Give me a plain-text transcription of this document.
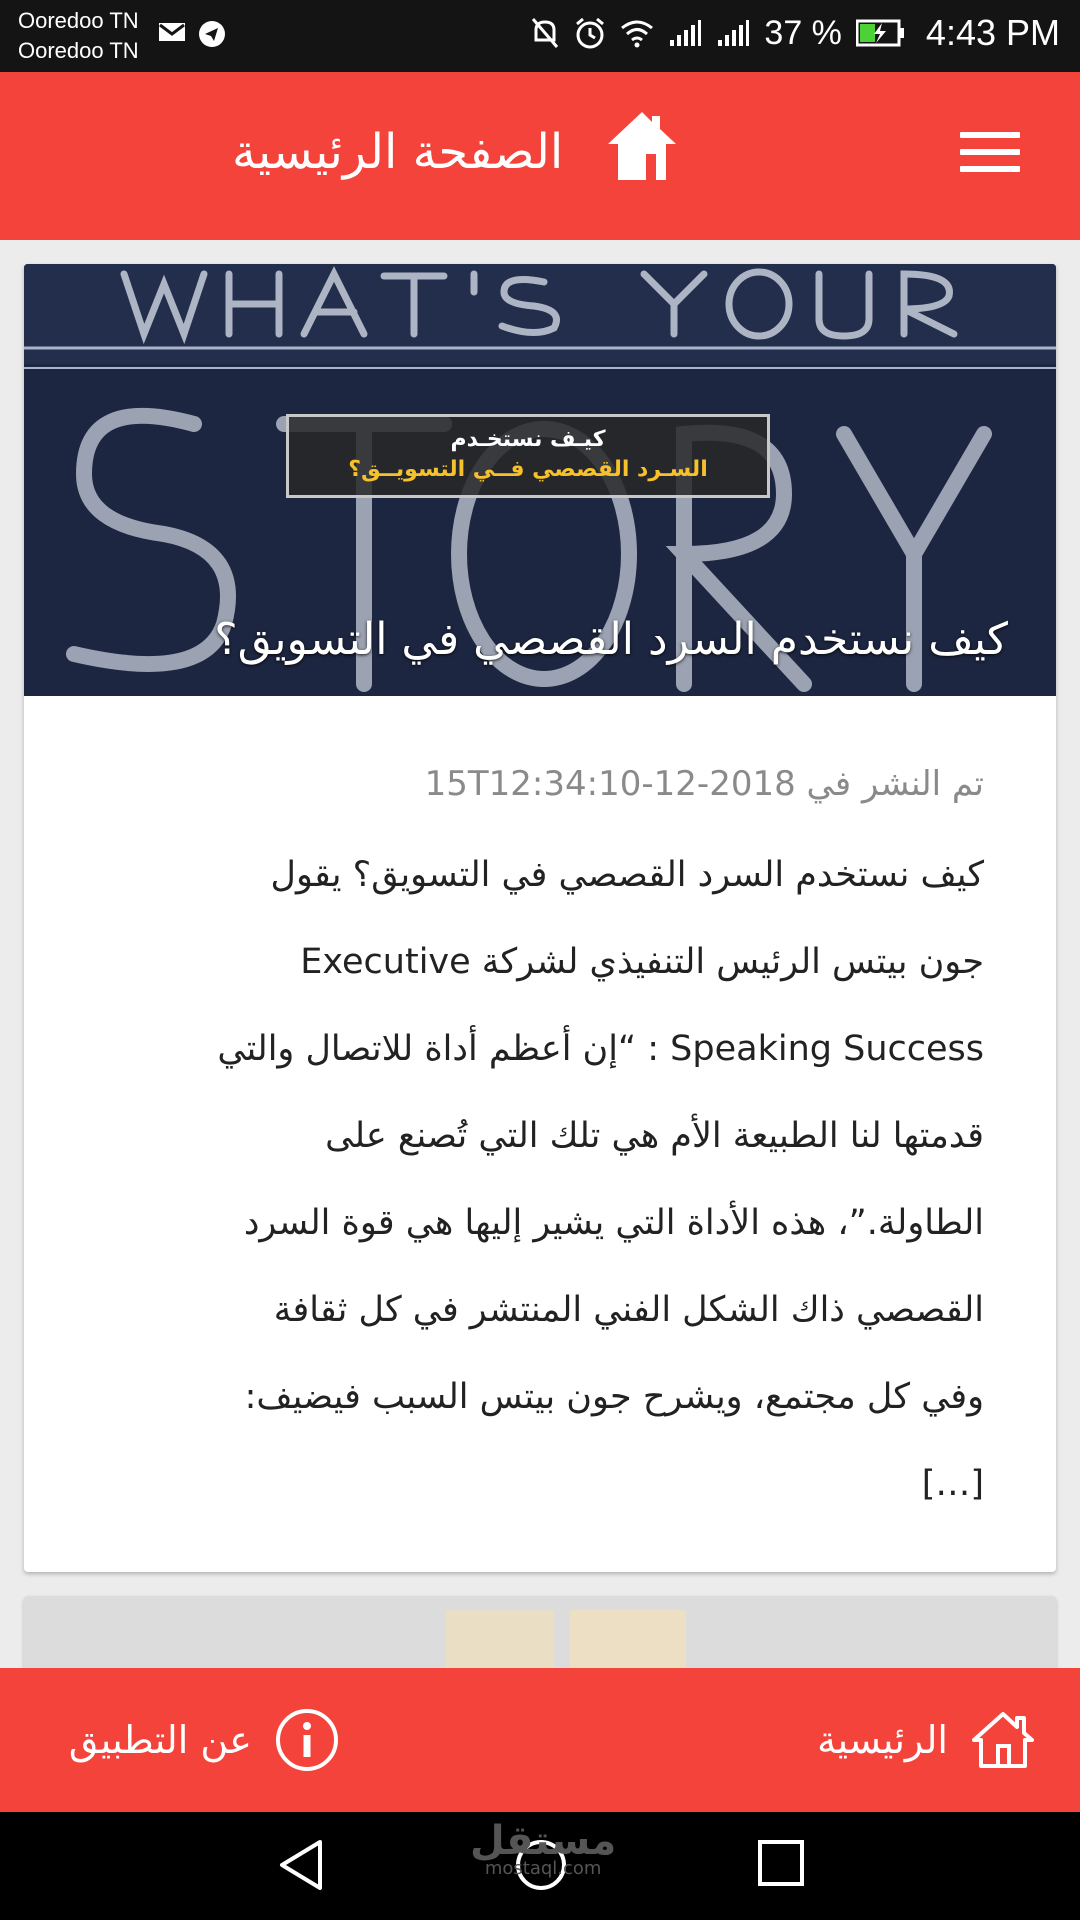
Ooredoo TN
Ooredoo TN	37 % 4:43 PM
الصفحة الرئيسية
كيـف نستخـدم
السـرد القصصي فــي التسويــق؟
كيف نستخدم السرد القصصي في التسويق؟
تم النشر في 2018-12-15T12:34:10
كيف نستخدم السرد القصصي في التسويق؟ يقول
جون بيتس الرئيس التنفيذي لشركة Executive
Speaking Success : “إن أعظم أداة للاتصال والتي
قدمتها لنا الطبيعة الأم هي تلك التي تُصنع على
الطاولة.”، هذه الأداة التي يشير إليها هي قوة السرد
القصصي ذاك الشكل الفني المنتشر في كل ثقافة
وفي كل مجتمع، ويشرح جون بيتس السبب فيضيف:
[…]
الرئيسية
عن التطبيق
مستقل
mostaql.com
